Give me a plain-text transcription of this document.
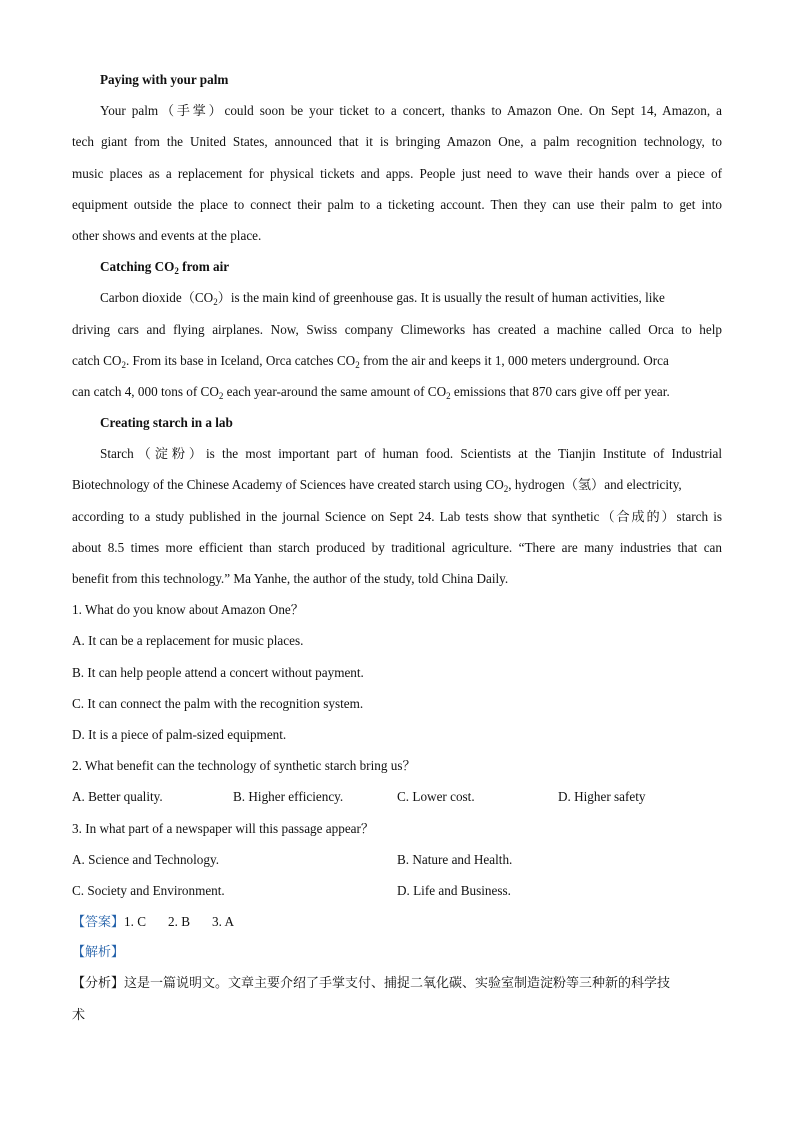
Paying with your palm
Your palm（手掌）could soon be your ticket to a concert, thanks to Amazon One. On Sept 14, Amazon, a
tech giant from the United States, announced that it is bringing Amazon One, a palm recognition technology, to
music places as a replacement for physical tickets and apps. People just need to wave their hands over a piece of
equipment outside the place to connect their palm to a ticketing account. Then they can use their palm to get into
other shows and events at the place.
Catching $CO_2$ from air
Carbon $dioxide(CO_2)is$ the main kind of greenhouse gas. It is usually the result of human activities, like
driving cars and flying airplanes. Now, Swiss company Climeworks has created a machine called Orca to help
catch $CO_2$. From its base in Iceland, Orca catches $CO_2$ from the air and keeps it 1, 000 meters underground. Orca
can catch 4, 000 tons of $CO_2$ each year-around the same amount of $CO_2$ emissions that 870 cars give off per year.
Creating starch in a lab
Starch（淀粉）is the most important part of human food. Scientists at the Tianjin Institute of Industrial
Biotechnology of the Chinese Academy of Sciences have created starch using $CO_2$, hydrogen（氢）and electricity,
according to a study published in the journal Science on Sept 24. Lab tests show that synthetic（合成的）starch is
about 8.5 times more efficient than starch produced by traditional agriculture. “There are many industries that can
benefit from this technology.” Ma Yanhe, the author of the study, told China Daily.
1. What do you know about Amazon One？
A. It can be a replacement for music places.
B. It can help people attend a concert without payment.
C. It can connect the palm with the recognition system.
D. It is a piece of palm-sized equipment.
2. What benefit can the technology of synthetic starch bring us？
A. Better quality.	B. Higher efficiency.	C. Lower cost.	D. Higher safety
3. In what part of a newspaper will this passage appear？
A. Science and Technology.	B. Nature and Health.
C. Society and Environment.	D. Life and Business.
【答案】1. C 2. B 3. A
【解析】
【分析】这是一篇说明文。文章主要介绍了手掌支付、捕捉二氧化碳、实验室制造淀粉等三种新的科学技
术
